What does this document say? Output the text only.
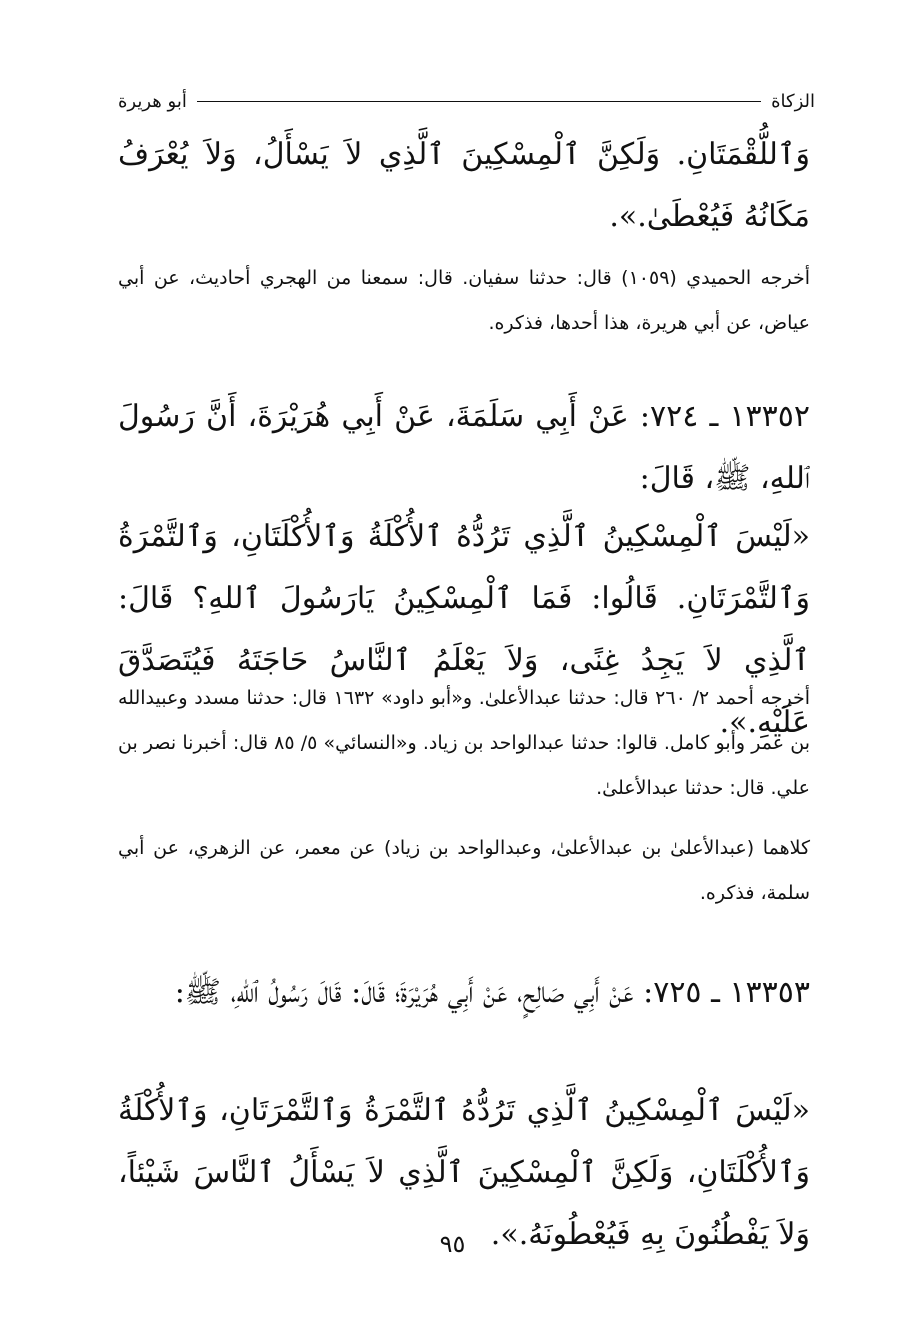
الزكاة
أبو هريرة
وَٱللُّقْمَتَانِ. وَلَكِنَّ ٱلْمِسْكِينَ ٱلَّذِي لاَ يَسْأَلُ، وَلاَ يُعْرَفُ مَكَانُهُ فَيُعْطَىٰ.».
أخرجه الحميدي (١٠٥٩) قال: حدثنا سفيان. قال: سمعنا من الهجري أحاديث، عن أبي عياض، عن أبي هريرة، هذا أحدها، فذكره.
١٣٣٥٢ ـ ٧٢٤: عَنْ أَبِي سَلَمَةَ، عَنْ أَبِي هُرَيْرَةَ، أَنَّ رَسُولَ ٱللهِ، ﷺ، قَالَ:
«لَيْسَ ٱلْمِسْكِينُ ٱلَّذِي تَرُدُّهُ ٱلأُكْلَةُ وَٱلأُكْلَتَانِ، وَٱلتَّمْرَةُ وَٱلتَّمْرَتَانِ. قَالُوا: فَمَا ٱلْمِسْكِينُ يَارَسُولَ ٱللهِ؟ قَالَ: ٱلَّذِي لاَ يَجِدُ غِنًى، وَلاَ يَعْلَمُ ٱلنَّاسُ حَاجَتَهُ فَيُتَصَدَّقَ عَلَيْهِ.».
أخرجه أحمد ٢/ ٢٦٠ قال: حدثنا عبدالأعلىٰ. و«أبو داود» ١٦٣٢ قال: حدثنا مسدد وعبيدالله بن عمر وأبو كامل. قالوا: حدثنا عبدالواحد بن زياد. و«النسائي» ٥/ ٨٥ قال: أخبرنا نصر بن علي. قال: حدثنا عبدالأعلىٰ.
كلاهما (عبدالأعلىٰ بن عبدالأعلىٰ، وعبدالواحد بن زياد) عن معمر، عن الزهري، عن أبي سلمة، فذكره.
١٣٣٥٣ ـ ٧٢٥: عَنْ أَبِي صَالِحٍ، عَنْ أَبِي هُرَيْرَةَ؛ قَالَ: قَالَ رَسُولُ ٱللهِ، ﷺ:
«لَيْسَ ٱلْمِسْكِينُ ٱلَّذِي تَرُدُّهُ ٱلتَّمْرَةُ وَٱلتَّمْرَتَانِ، وَٱلأُكْلَةُ وَٱلأُكْلَتَانِ، وَلَكِنَّ ٱلْمِسْكِينَ ٱلَّذِي لاَ يَسْأَلُ ٱلنَّاسَ شَيْئاً، وَلاَ يَفْطُنُونَ بِهِ فَيُعْطُونَهُ.».
٩٥
